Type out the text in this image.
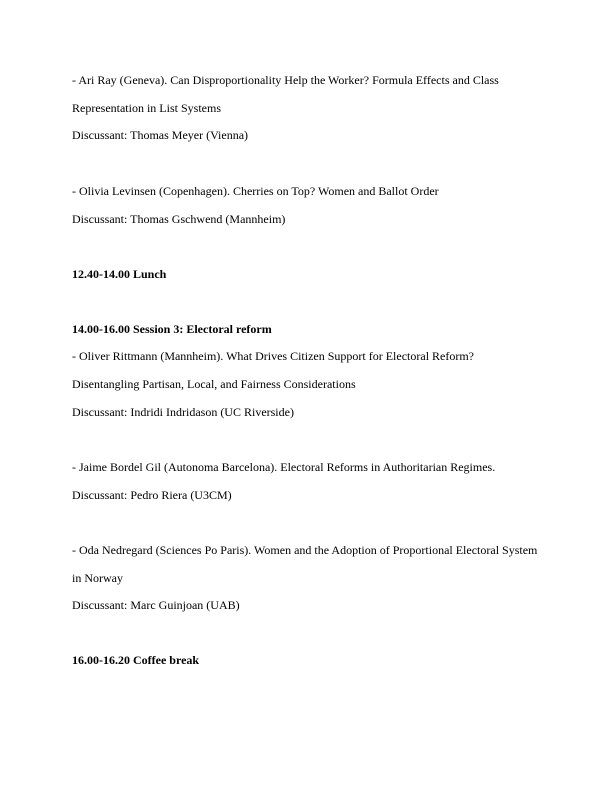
- Ari Ray (Geneva). Can Disproportionality Help the Worker? Formula Effects and Class
Representation in List Systems
Discussant: Thomas Meyer (Vienna)
- Olivia Levinsen (Copenhagen). Cherries on Top? Women and Ballot Order
Discussant: Thomas Gschwend (Mannheim)
12.40-14.00 Lunch
14.00-16.00 Session 3: Electoral reform
- Oliver Rittmann (Mannheim). What Drives Citizen Support for Electoral Reform?
Disentangling Partisan, Local, and Fairness Considerations
Discussant: Indridi Indridason (UC Riverside)
- Jaime Bordel Gil (Autonoma Barcelona). Electoral Reforms in Authoritarian Regimes.
Discussant: Pedro Riera (U3CM)
- Oda Nedregard (Sciences Po Paris). Women and the Adoption of Proportional Electoral System
in Norway
Discussant: Marc Guinjoan (UAB)
16.00-16.20 Coffee break
